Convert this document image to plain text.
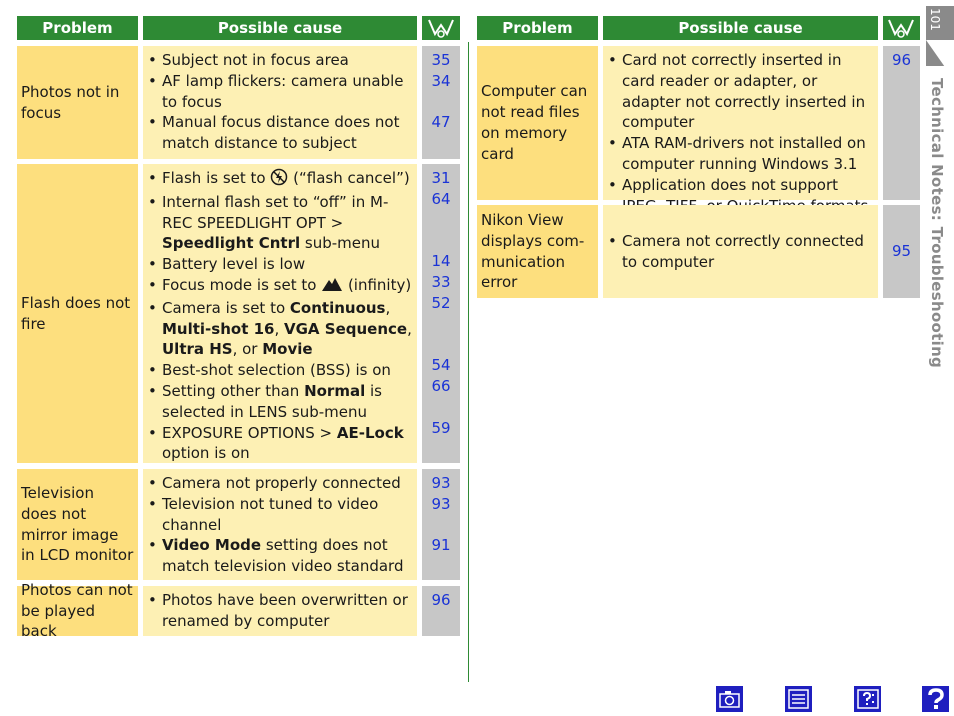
Problem	Possible cause
Photos not in focus
• Subject not in focus area
• AF lamp flickers: camera unable to focus
• Manual focus distance does not match distance to subject
35
34
47
Flash does not fire
• Flash is set to  (“flash cancel”)
• Internal flash set to “off” in M-REC SPEEDLIGHT OPT > Speedlight Cntrl sub-menu
• Battery level is low
• Focus mode is set to  (infinity)
• Camera is set to Continuous, Multi-shot 16, VGA Sequence, Ultra HS, or Movie
• Best-shot selection (BSS) is on
• Setting other than Normal is selected in LENS sub-menu
• EXPOSURE OPTIONS > AE-Lock option is on
31
64
14
33
52
54
66
59
Television does not mirror image in LCD monitor
• Camera not properly connected
• Television not tuned to video channel
• Video Mode setting does not match television video standard
93
93
91
Photos can not be played back
• Photos have been overwritten or renamed by computer
96
Problem	Possible cause
Computer can not read files on memory card
• Card not correctly inserted in card reader or adapter, or adapter not correctly inserted in computer
• ATA RAM-drivers not installed on computer running Windows 3.1
• Application does not support
96
Nikon View displays com-munication error
• Camera not correctly connected to computer
95
101
Technical Notes: Troubleshooting
